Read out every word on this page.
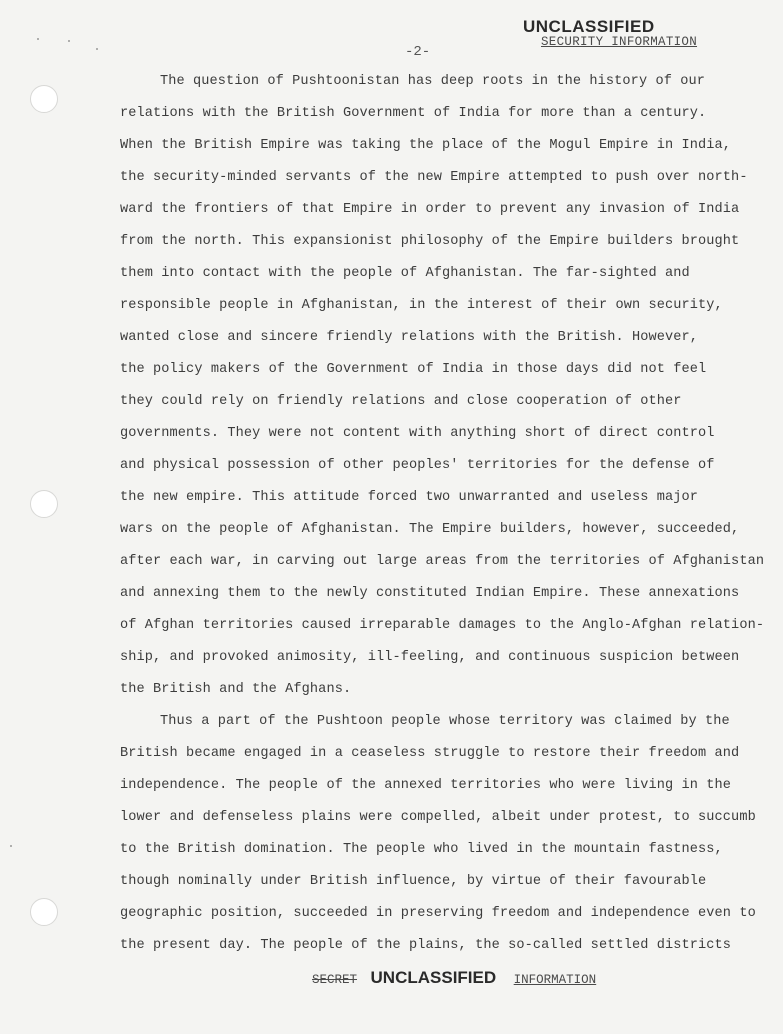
UNCLASSIFIED
SECURITY INFORMATION
-2-
The question of Pushtoonistan has deep roots in the history of our
relations with the British Government of India for more than a century.
When the British Empire was taking the place of the Mogul Empire in India,
the security-minded servants of the new Empire attempted to push over north-
ward the frontiers of that Empire in order to prevent any invasion of India
from the north. This expansionist philosophy of the Empire builders brought
them into contact with the people of Afghanistan. The far-sighted and
responsible people in Afghanistan, in the interest of their own security,
wanted close and sincere friendly relations with the British. However,
the policy makers of the Government of India in those days did not feel
they could rely on friendly relations and close cooperation of other
governments. They were not content with anything short of direct control
and physical possession of other peoples' territories for the defense of
the new empire. This attitude forced two unwarranted and useless major
wars on the people of Afghanistan. The Empire builders, however, succeeded,
after each war, in carving out large areas from the territories of Afghanistan
and annexing them to the newly constituted Indian Empire. These annexations
of Afghan territories caused irreparable damages to the Anglo-Afghan relation-
ship, and provoked animosity, ill-feeling, and continuous suspicion between
the British and the Afghans.
Thus a part of the Pushtoon people whose territory was claimed by the
British became engaged in a ceaseless struggle to restore their freedom and
independence. The people of the annexed territories who were living in the
lower and defenseless plains were compelled, albeit under protest, to succumb
to the British domination. The people who lived in the mountain fastness,
though nominally under British influence, by virtue of their favourable
geographic position, succeeded in preserving freedom and independence even to
the present day. The people of the plains, the so-called settled districts
SECRET UNCLASSIFIED INFORMATION
